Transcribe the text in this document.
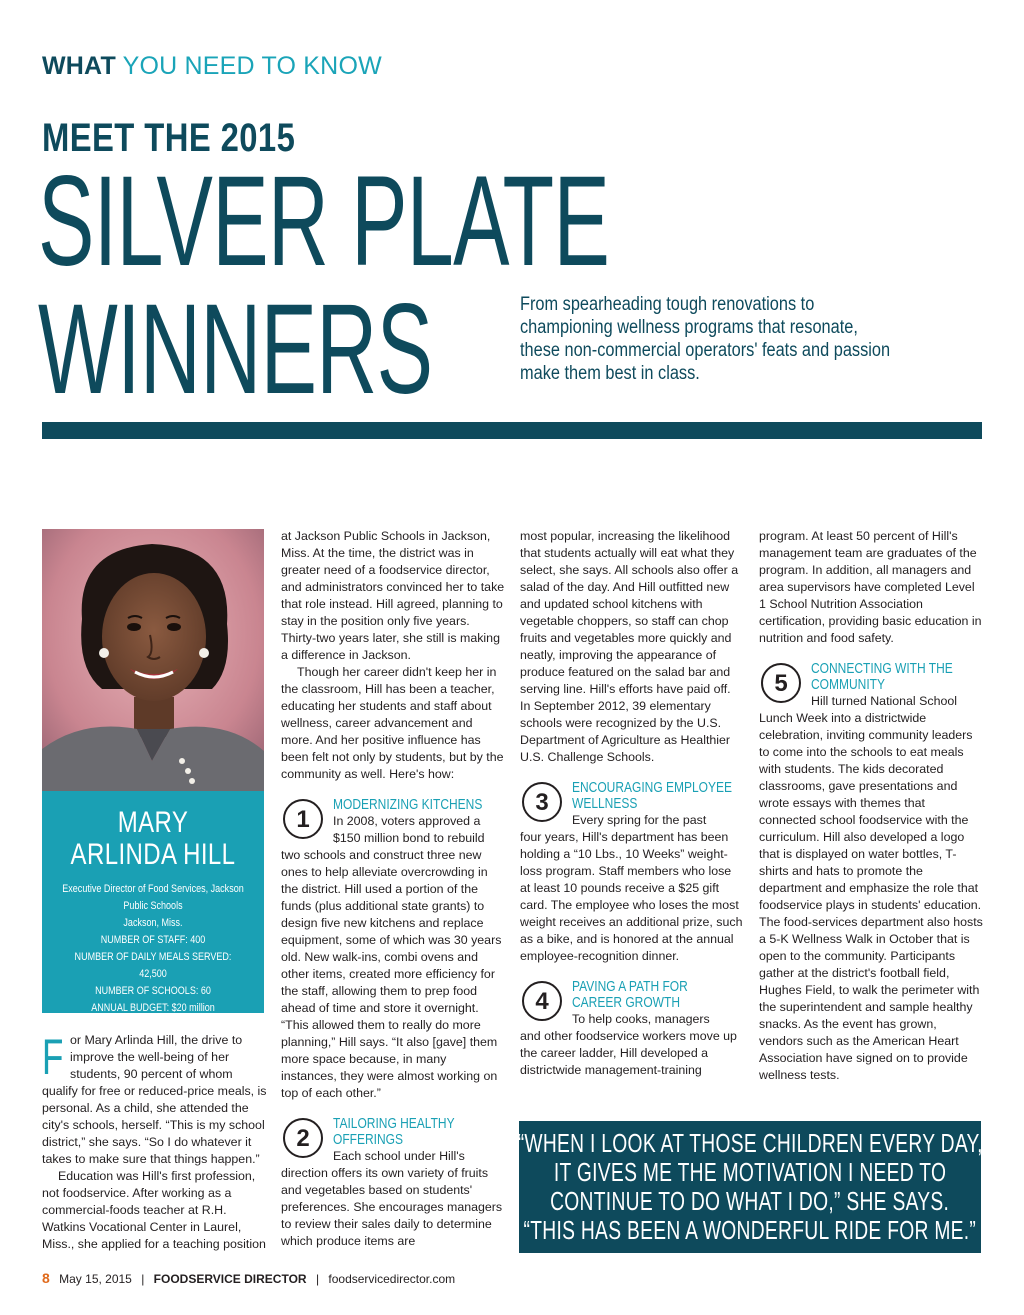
WHAT YOU NEED TO KNOW
MEET THE 2015
SILVER PLATE
WINNERS	From spearheading tough renovations to championing wellness programs that resonate, these non-commercial operators' feats and passion make them best in class.
MARY
ARLINDA HILL
Executive Director of Food Services, Jackson Public Schools
Jackson, Miss.
NUMBER OF STAFF: 400
NUMBER OF DAILY MEALS SERVED: 42,500
NUMBER OF SCHOOLS: 60
ANNUAL BUDGET: $20 million
F or Mary Arlinda Hill, the drive to improve the well-being of her students, 90 percent of whom qualify for free or reduced-price meals, is personal. As a child, she attended the city's schools, herself. “This is my school district,” she says. “So I do whatever it takes to make sure that things happen.”

Education was Hill's first profession, not foodservice. After working as a commercial-foods teacher at R.H. Watkins Vocational Center in Laurel, Miss., she applied for a teaching position

at Jackson Public Schools in Jackson, Miss. At the time, the district was in greater need of a foodservice director, and administrators convinced her to take that role instead. Hill agreed, planning to stay in the position only five years. Thirty-two years later, she still is making a difference in Jackson.

Though her career didn't keep her in the classroom, Hill has been a teacher, educating her students and staff about wellness, career advancement and more. And her positive influence has been felt not only by students, but by the community as well. Here's how:

1
MODERNIZING KITCHENS

In 2008, voters approved a $150 million bond to rebuild

two schools and construct three new ones to help alleviate overcrowding in the district. Hill used a portion of the funds (plus additional state grants) to design five new kitchens and replace equipment, some of which was 30 years old. New walk-ins, combi ovens and other items, created more efficiency for the staff, allowing them to prep food ahead of time and store it overnight. “This allowed them to really do more planning,” Hill says. “It also [gave] them more space because, in many instances, they were almost working on top of each other.”

2
TAILORING HEALTHY OFFERINGS

Each school under Hill's

direction offers its own variety of fruits and vegetables based on students' preferences. She encourages managers to review their sales daily to determine which produce items are

most popular, increasing the likelihood that students actually will eat what they select, she says. All schools also offer a salad of the day. And Hill outfitted new and updated school kitchens with vegetable choppers, so staff can chop fruits and vegetables more quickly and neatly, improving the appearance of produce featured on the salad bar and serving line. Hill's efforts have paid off. In September 2012, 39 elementary schools were recognized by the U.S. Department of Agriculture as Healthier U.S. Challenge Schools.

3
ENCOURAGING EMPLOYEE WELLNESS

Every spring for the past

four years, Hill's department has been holding a “10 Lbs., 10 Weeks” weight-loss program. Staff members who lose at least 10 pounds receive a $25 gift card. The employee who loses the most weight receives an additional prize, such as a bike, and is honored at the annual employee-recognition dinner.

4
PAVING A PATH FOR CAREER GROWTH

To help cooks, managers

and other foodservice workers move up the career ladder, Hill developed a districtwide management-training

program. At least 50 percent of Hill's management team are graduates of the program. In addition, all managers and area supervisors have completed Level 1 School Nutrition Association certification, providing basic education in nutrition and food safety.

5
CONNECTING WITH THE COMMUNITY

Hill turned National School

Lunch Week into a districtwide celebration, inviting community leaders to come into the schools to eat meals with students. The kids decorated classrooms, gave presentations and wrote essays with themes that connected school foodservice with the curriculum. Hill also developed a logo that is displayed on water bottles, T-shirts and hats to promote the department and emphasize the role that foodservice plays in students' education. The food-services department also hosts a 5-K Wellness Walk in October that is open to the community. Participants gather at the district's football field, Hughes Field, to walk the perimeter with the superintendent and sample healthy snacks. As the event has grown, vendors such as the American Heart Association have signed on to provide wellness tests.

“WHEN I LOOK AT THOSE CHILDREN EVERY DAY,
IT GIVES ME THE MOTIVATION I NEED TO
CONTINUE TO DO WHAT I DO,” SHE SAYS.
“THIS HAS BEEN A WONDERFUL RIDE FOR ME.”
8 May 15, 2015 | FOODSERVICE DIRECTOR | foodservicedirector.com
